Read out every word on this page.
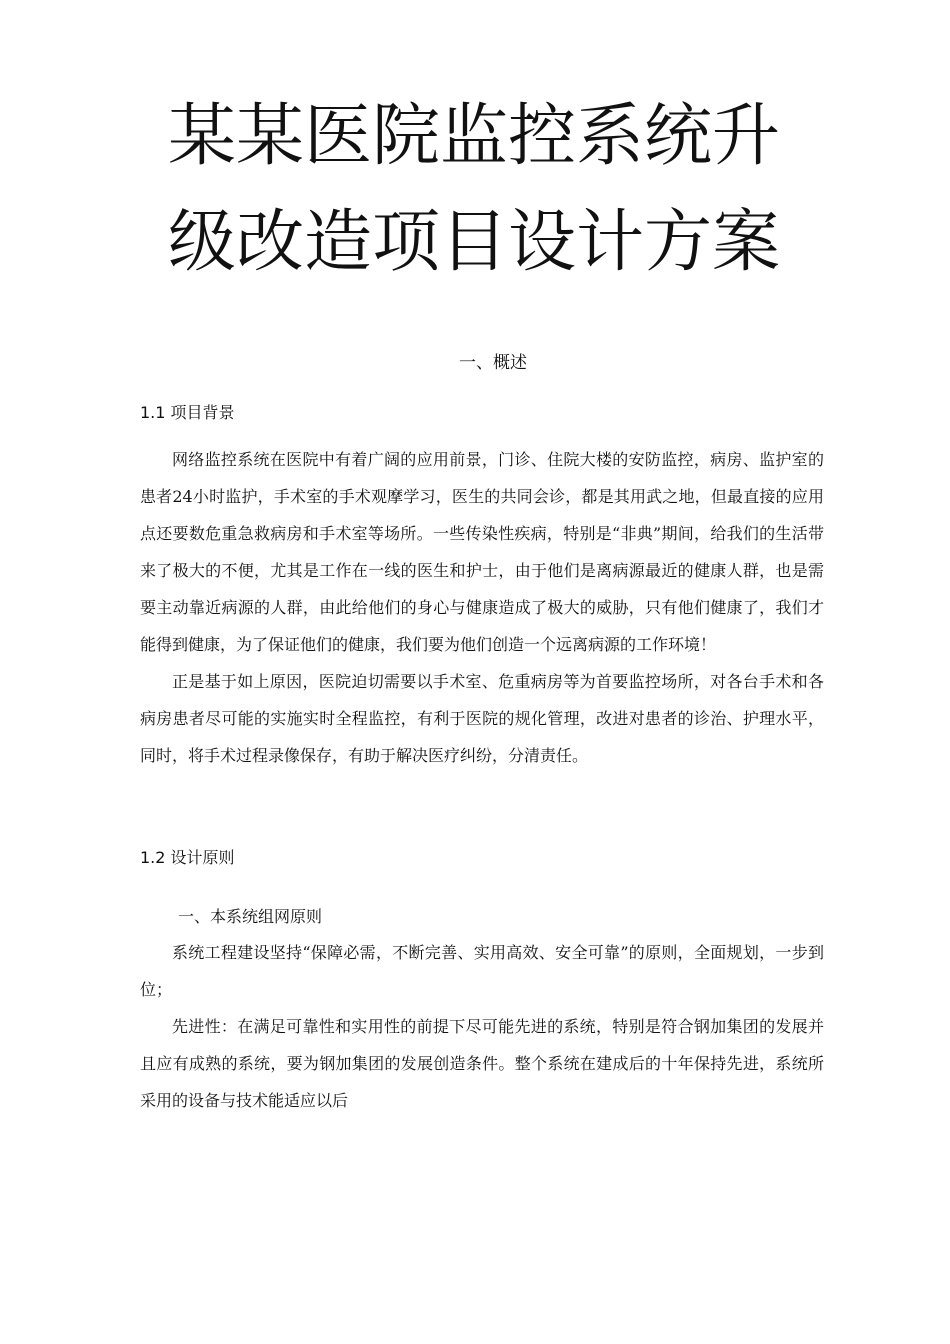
某某医院监控系统升
级改造项目设计方案
一、概述
1.1 项目背景

网络监控系统在医院中有着广阔的应用前景，门诊、住院大楼的安防监控，病房、监护室的患者24小时监护，手术室的手术观摩学习，医生的共同会诊，都是其用武之地，但最直接的应用点还要数危重急救病房和手术室等场所。一些传染性疾病，特别是“非典”期间，给我们的生活带来了极大的不便，尤其是工作在一线的医生和护士，由于他们是离病源最近的健康人群，也是需要主动靠近病源的人群，由此给他们的身心与健康造成了极大的威胁，只有他们健康了，我们才能得到健康，为了保证他们的健康，我们要为他们创造一个远离病源的工作环境！

正是基于如上原因，医院迫切需要以手术室、危重病房等为首要监控场所，对各台手术和各病房患者尽可能的实施实时全程监控，有利于医院的规化管理，改进对患者的诊治、护理水平，同时，将手术过程录像保存，有助于解决医疗纠纷，分清责任。

1.2 设计原则
一、本系统组网原则

系统工程建设坚持“保障必需，不断完善、实用高效、安全可靠”的原则，全面规划，一步到位；

先进性：在满足可靠性和实用性的前提下尽可能先进的系统，特别是符合钢加集团的发展并且应有成熟的系统，要为钢加集团的发展创造条件。整个系统在建成后的十年保持先进，系统所采用的设备与技术能适应以后
